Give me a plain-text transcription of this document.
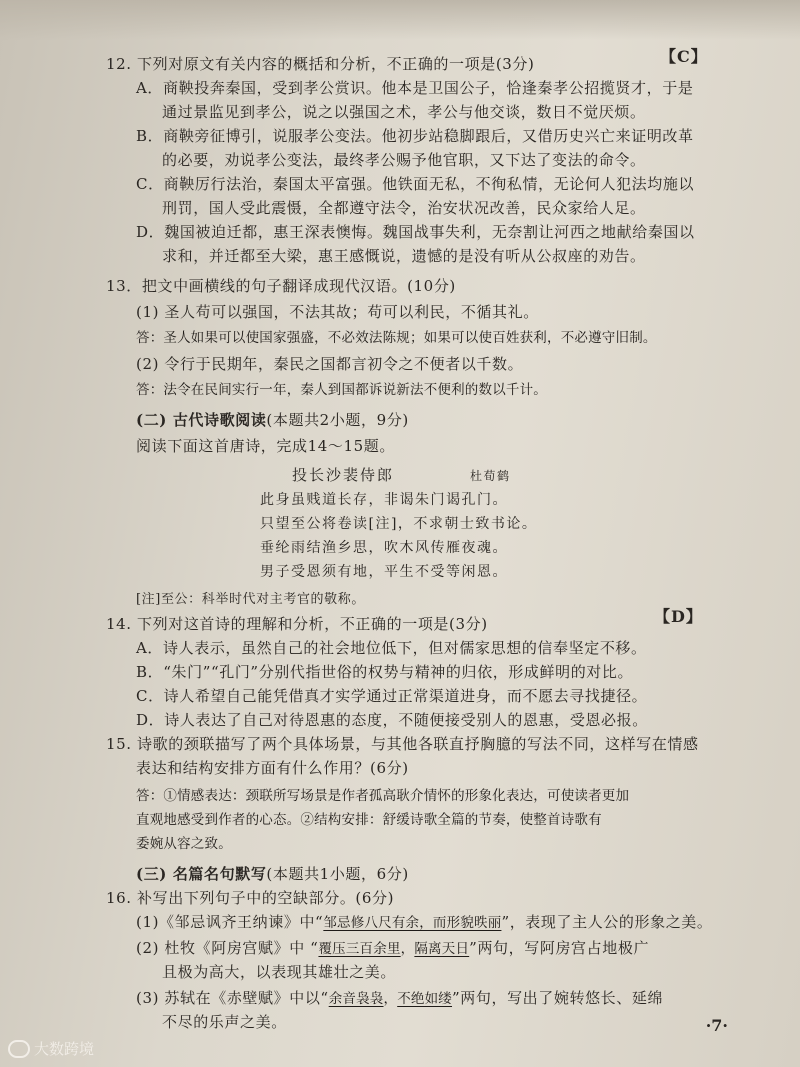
12. 下列对原文有关内容的概括和分析，不正确的一项是(3分)	【C】
A．商鞅投奔秦国，受到孝公赏识。他本是卫国公子，恰逢秦孝公招揽贤才，于是
通过景监见到孝公，说之以强国之术，孝公与他交谈，数日不觉厌烦。
B．商鞅旁征博引，说服孝公变法。他初步站稳脚跟后，又借历史兴亡来证明改革
的必要，劝说孝公变法，最终孝公赐予他官职，又下达了变法的命令。
C．商鞅厉行法治，秦国太平富强。他铁面无私，不徇私情，无论何人犯法均施以
刑罚，国人受此震慑，全都遵守法令，治安状况改善，民众家给人足。
D．魏国被迫迁都，惠王深表懊悔。魏国战事失利，无奈割让河西之地献给秦国以
求和，并迁都至大梁，惠王感慨说，遗憾的是没有听从公叔座的劝告。
13．把文中画横线的句子翻译成现代汉语。(10分)
(1) 圣人苟可以强国，不法其故；苟可以利民，不循其礼。
答：圣人如果可以使国家强盛，不必效法陈规；如果可以使百姓获利，不必遵守旧制。
(2) 令行于民期年，秦民之国都言初令之不便者以千数。
答：法令在民间实行一年，秦人到国都诉说新法不便利的数以千计。
(二) 古代诗歌阅读(本题共2小题，9分)
阅读下面这首唐诗，完成14～15题。
投长沙裴侍郎	杜荀鹤
此身虽贱道长存，非谒朱门谒孔门。
只望至公将卷读[注]，不求朝士致书论。
垂纶雨结渔乡思，吹木风传雁夜魂。
男子受恩须有地，平生不受等闲恩。
[注]至公：科举时代对主考官的敬称。
14. 下列对这首诗的理解和分析，不正确的一项是(3分)	【D】
A．诗人表示，虽然自己的社会地位低下，但对儒家思想的信奉坚定不移。
B．“朱门”“孔门”分别代指世俗的权势与精神的归依，形成鲜明的对比。
C．诗人希望自己能凭借真才实学通过正常渠道进身，而不愿去寻找捷径。
D．诗人表达了自己对待恩惠的态度，不随便接受别人的恩惠，受恩必报。
15. 诗歌的颈联描写了两个具体场景，与其他各联直抒胸臆的写法不同，这样写在情感
表达和结构安排方面有什么作用？(6分)
答：①情感表达：颈联所写场景是作者孤高耿介情怀的形象化表达，可使读者更加
直观地感受到作者的心态。②结构安排：舒缓诗歌全篇的节奏，使整首诗歌有
委婉从容之致。
(三) 名篇名句默写(本题共1小题，6分)
16. 补写出下列句子中的空缺部分。(6分)
(1)《邹忌讽齐王纳谏》中“邹忌修八尺有余，而形貌昳丽”，表现了主人公的形象之美。
(2) 杜牧《阿房宫赋》中 “覆压三百余里，隔离天日”两句，写阿房宫占地极广
且极为高大，以表现其雄壮之美。
(3) 苏轼在《赤壁赋》中以“余音袅袅，不绝如缕”两句，写出了婉转悠长、延绵
不尽的乐声之美。	·7·
大数跨境
